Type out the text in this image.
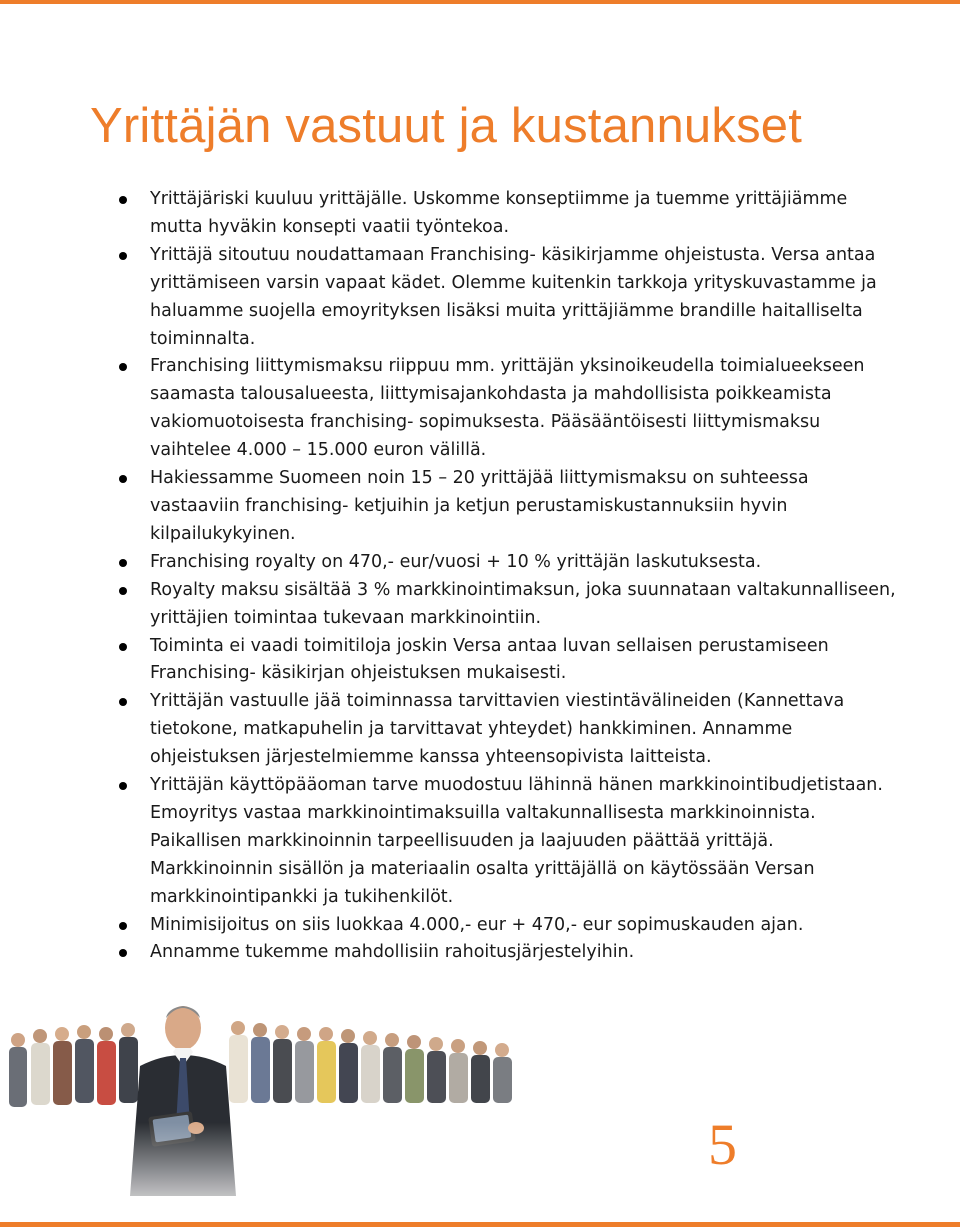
Yrittäjän vastuut ja kustannukset
Yrittäjäriski kuuluu yrittäjälle. Uskomme konseptiimme ja tuemme yrittäjiämme mutta hyväkin konsepti vaatii työntekoa.
Yrittäjä sitoutuu noudattamaan Franchising- käsikirjamme ohjeistusta. Versa antaa yrittämiseen varsin vapaat kädet. Olemme kuitenkin tarkkoja yrityskuvastamme ja haluamme suojella emoyrityksen lisäksi muita yrittäjiämme brandille haitalliselta toiminnalta.
Franchising liittymismaksu riippuu mm. yrittäjän yksinoikeudella toimialueekseen saamasta talousalueesta, liittymisajankohdasta ja mahdollisista poikkeamista vakiomuotoisesta franchising- sopimuksesta. Pääsääntöisesti liittymismaksu vaihtelee 4.000 – 15.000 euron välillä.
Hakiessamme Suomeen noin 15 – 20 yrittäjää liittymismaksu on suhteessa vastaaviin franchising- ketjuihin ja ketjun perustamiskustannuksiin hyvin kilpailukykyinen.
Franchising royalty on 470,- eur/vuosi + 10 % yrittäjän laskutuksesta.
Royalty maksu sisältää 3 % markkinointimaksun, joka suunnataan valtakunnalliseen, yrittäjien toimintaa tukevaan markkinointiin.
Toiminta ei vaadi toimitiloja joskin Versa antaa luvan sellaisen perustamiseen Franchising- käsikirjan ohjeistuksen mukaisesti.
Yrittäjän vastuulle jää toiminnassa tarvittavien viestintävälineiden (Kannettava tietokone, matkapuhelin ja tarvittavat yhteydet) hankkiminen. Annamme ohjeistuksen järjestelmiemme kanssa yhteensopivista laitteista.
Yrittäjän käyttöpääoman tarve muodostuu lähinnä hänen markkinointibudjetistaan. Emoyritys vastaa markkinointimaksuilla valtakunnallisesta markkinoinnista. Paikallisen markkinoinnin tarpeellisuuden ja laajuuden päättää yrittäjä. Markkinoinnin sisällön ja materiaalin osalta yrittäjällä on käytössään Versan markkinointipankki ja tukihenkilöt.
Minimisijoitus on siis luokkaa 4.000,- eur + 470,- eur sopimuskauden ajan.
Annamme tukemme mahdollisiin rahoitusjärjestelyihin.
5
